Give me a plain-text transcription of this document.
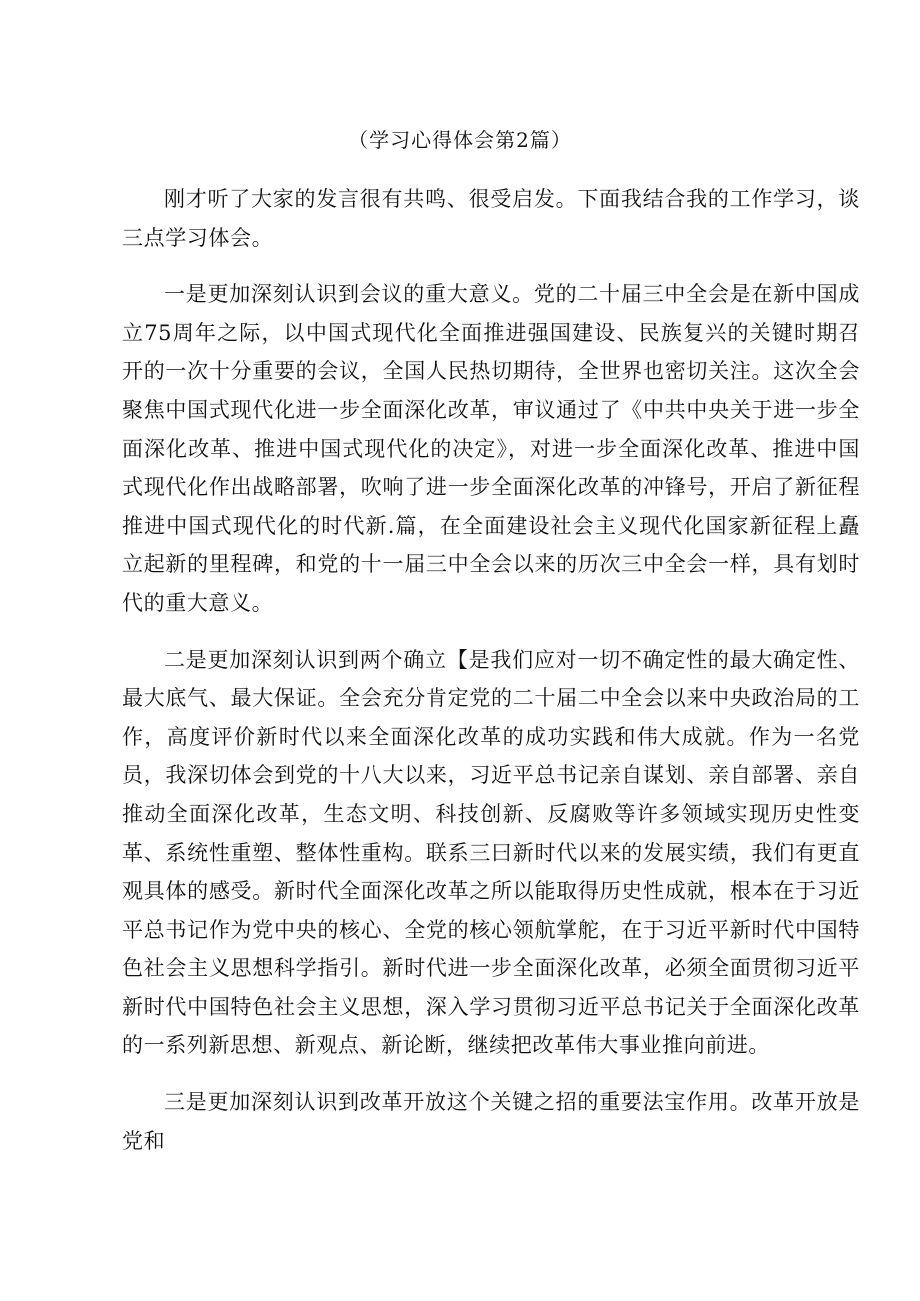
（学习心得体会第2篇）

刚才听了大家的发言很有共鸣、很受启发。下面我结合我的工作学习，谈三点学习体会。

一是更加深刻认识到会议的重大意义。党的二十届三中全会是在新中国成立75周年之际，以中国式现代化全面推进强国建设、民族复兴的关键时期召开的一次十分重要的会议，全国人民热切期待，全世界也密切关注。这次全会聚焦中国式现代化进一步全面深化改革，审议通过了《中共中央关于进一步全面深化改革、推进中国式现代化的决定》，对进一步全面深化改革、推进中国式现代化作出战略部署，吹响了进一步全面深化改革的冲锋号，开启了新征程推进中国式现代化的时代新.篇，在全面建设社会主义现代化国家新征程上矗立起新的里程碑，和党的十一届三中全会以来的历次三中全会一样，具有划时代的重大意义。

二是更加深刻认识到两个确立【是我们应对一切不确定性的最大确定性、最大底气、最大保证。全会充分肯定党的二十届二中全会以来中央政治局的工作，高度评价新时代以来全面深化改革的成功实践和伟大成就。作为一名党员，我深切体会到党的十八大以来，习近平总书记亲自谋划、亲自部署、亲自推动全面深化改革，生态文明、科技创新、反腐败等许多领域实现历史性变革、系统性重塑、整体性重构。联系三曰新时代以来的发展实绩，我们有更直观具体的感受。新时代全面深化改革之所以能取得历史性成就，根本在于习近平总书记作为党中央的核心、全党的核心领航掌舵，在于习近平新时代中国特色社会主义思想科学指引。新时代进一步全面深化改革，必须全面贯彻习近平新时代中国特色社会主义思想，深入学习贯彻习近平总书记关于全面深化改革的一系列新思想、新观点、新论断，继续把改革伟大事业推向前进。

三是更加深刻认识到改革开放这个关键之招的重要法宝作用。改革开放是党和
